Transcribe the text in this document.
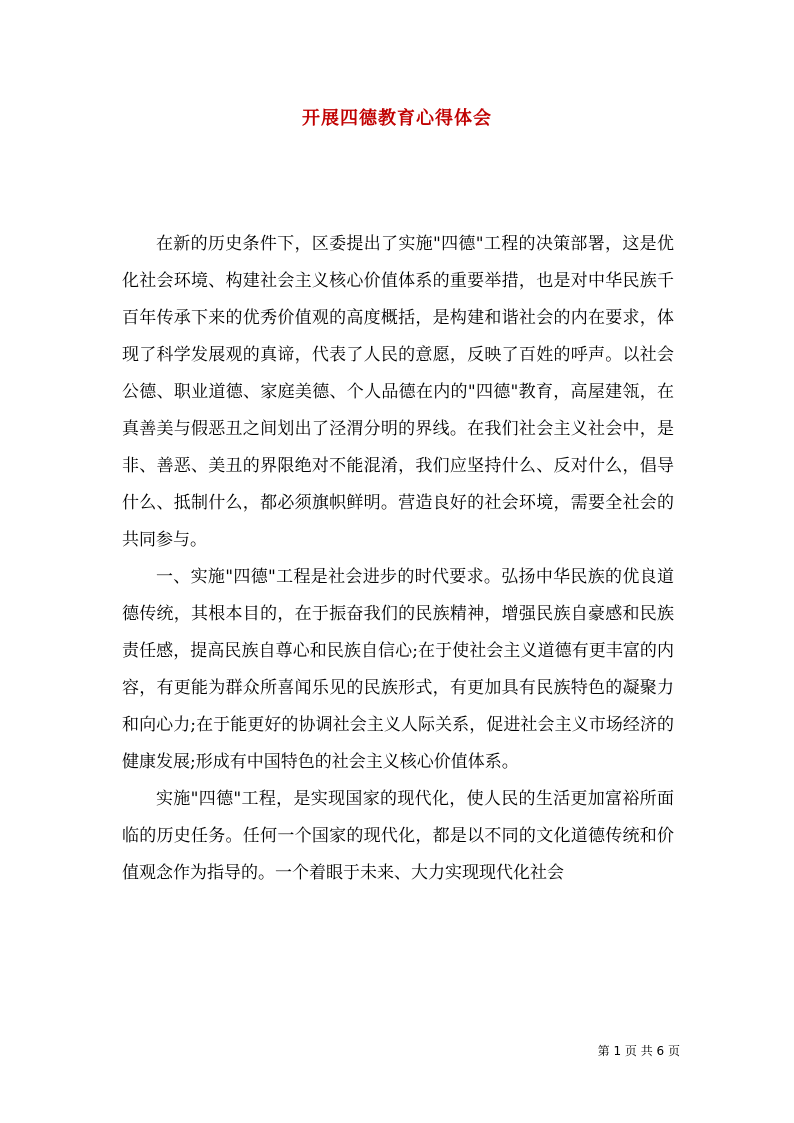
开展四德教育心得体会

在新的历史条件下，区委提出了实施"四德"工程的决策部署，这是优化社会环境、构建社会主义核心价值体系的重要举措，也是对中华民族千百年传承下来的优秀价值观的高度概括，是构建和谐社会的内在要求，体现了科学发展观的真谛，代表了人民的意愿，反映了百姓的呼声。以社会公德、职业道德、家庭美德、个人品德在内的"四德"教育，高屋建瓴，在真善美与假恶丑之间划出了泾渭分明的界线。在我们社会主义社会中，是非、善恶、美丑的界限绝对不能混淆，我们应坚持什么、反对什么，倡导什么、抵制什么，都必须旗帜鲜明。营造良好的社会环境，需要全社会的共同参与。

一、实施"四德"工程是社会进步的时代要求。弘扬中华民族的优良道德传统，其根本目的，在于振奋我们的民族精神，增强民族自豪感和民族责任感，提高民族自尊心和民族自信心;在于使社会主义道德有更丰富的内容，有更能为群众所喜闻乐见的民族形式，有更加具有民族特色的凝聚力和向心力;在于能更好的协调社会主义人际关系，促进社会主义市场经济的健康发展;形成有中国特色的社会主义核心价值体系。

实施"四德"工程，是实现国家的现代化，使人民的生活更加富裕所面临的历史任务。任何一个国家的现代化，都是以不同的文化道德传统和价值观念作为指导的。一个着眼于未来、大力实现现代化社会

第 1 页 共 6 页
